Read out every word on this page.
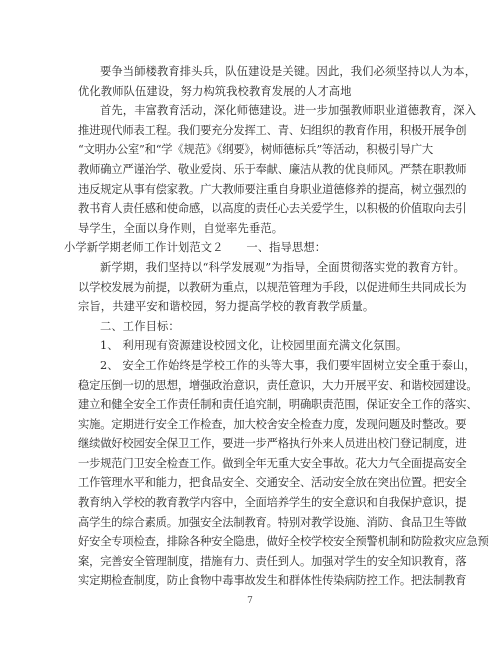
要争当師楼教育排头兵，队伍建设是关键。因此，我们必须坚持以人为本，
优化教师队伍建设，努力构筑我校教育发展的人才高地
首先，丰富教育活动，深化师德建设。进一步加强教师职业道德教育，深入
推进现代师表工程。我们要充分发挥工、青、妇组织的教育作用，积极开展争创
“文明办公室”和“学《规范》《纲要》，树师德标兵”等活动，积极引导广大
教师确立严谨治学、敬业爱岗、乐于奉献、廉洁从教的优良师风。严禁在职教师
违反规定从事有偿家教。广大教师要注重自身职业道德修养的提高，树立强烈的
教书育人责任感和使命感，以高度的责任心去关爱学生，以积极的价值取向去引
导学生，全面以身作则，自觉率先垂范。
小学新学期老师工作计划范文２　　一、指导思想：
新学期，我们坚持以“科学发展观”为指导，全面贯彻落实党的教育方针。
以学校发展为前提，以教研为重点，以规范管理为手段，以促进师生共同成长为
宗旨，共建平安和谐校园，努力提高学校的教育教学质量。
二、工作目标：
1、 利用现有资源建设校园文化，让校园里面充满文化氛围。
2、 安全工作始终是学校工作的头等大事，我们要牢固树立安全重于泰山，
稳定压倒一切的思想，增强政治意识，责任意识，大力开展平安、和谐校园建设。
建立和健全安全工作责任制和责任追究制，明确职责范围，保证安全工作的落实、
实施。定期进行安全工作检查，加大校舍安全检查力度，发现问题及时整改。要
继续做好校园安全保卫工作，要进一步严格执行外来人员进出校门登记制度，进
一步规范门卫安全检查工作。做到全年无重大安全事故。花大力气全面提高安全
工作管理水平和能力，把食品安全、交通安全、活动安全放在突出位置。把安全
教育纳入学校的教育教学内容中，全面培养学生的安全意识和自我保护意识，提
高学生的综合素质。加强安全法制教育。特别对教学设施、消防、食品卫生等做
好安全专项检查，排除各种安全隐患，做好全校学校安全预警机制和防险救灾应急预
案，完善安全管理制度，措施有力、责任到人。加强对学生的安全知识教育，落
实定期检查制度，防止食物中毒事故发生和群体性传染病防控工作。把法制教育
7
